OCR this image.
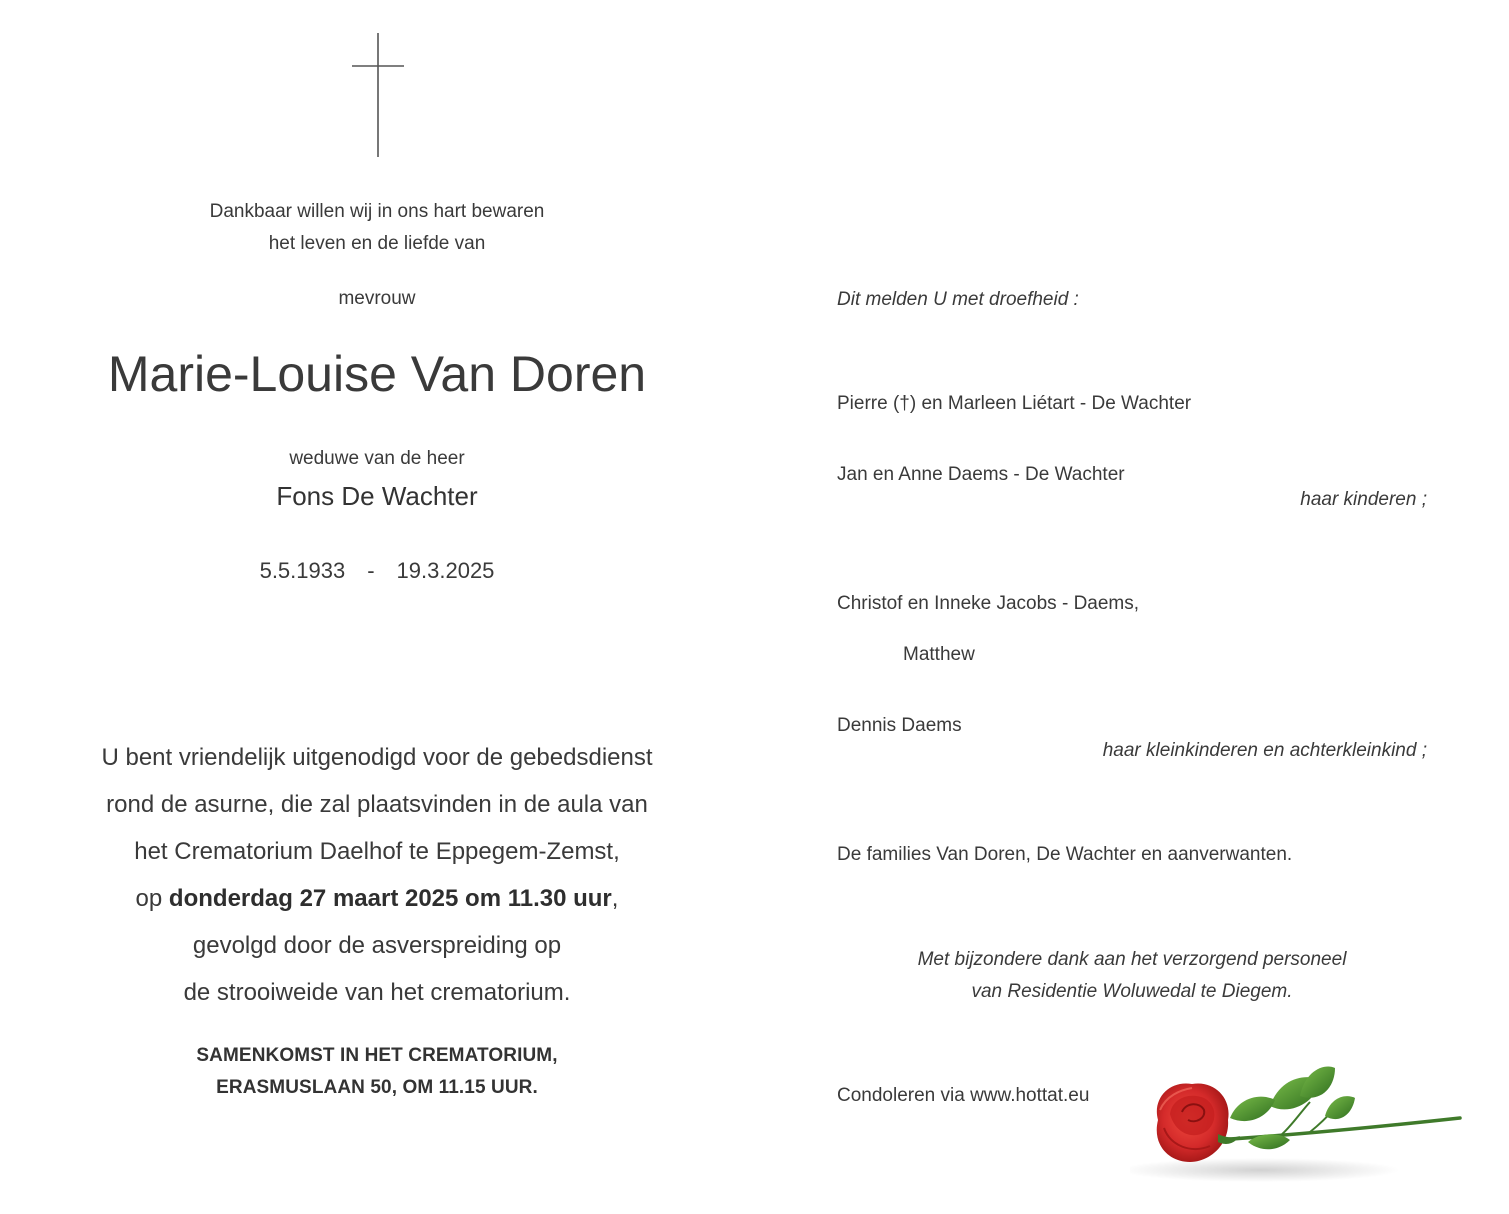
Dankbaar willen wij in ons hart bewaren
het leven en de liefde van
mevrouw
Marie-Louise Van Doren
weduwe van de heer
Fons De Wachter
5.5.1933 - 19.3.2025
U bent vriendelijk uitgenodigd voor de gebedsdienst
rond de asurne, die zal plaatsvinden in de aula van
het Crematorium Daelhof te Eppegem-Zemst,
op donderdag 27 maart 2025 om 11.30 uur,
gevolgd door de asverspreiding op
de strooiweide van het crematorium.
SAMENKOMST IN HET CREMATORIUM,
ERASMUSLAAN 50, OM 11.15 UUR.
Dit melden U met droefheid :
Pierre (†) en Marleen Liétart - De Wachter
Jan en Anne Daems - De Wachter
haar kinderen ;
Christof en Inneke Jacobs - Daems,
Matthew
Dennis Daems
haar kleinkinderen en achterkleinkind ;
De families Van Doren, De Wachter en aanverwanten.
Met bijzondere dank aan het verzorgend personeel
van Residentie Woluwedal te Diegem.
Condoleren via www.hottat.eu
